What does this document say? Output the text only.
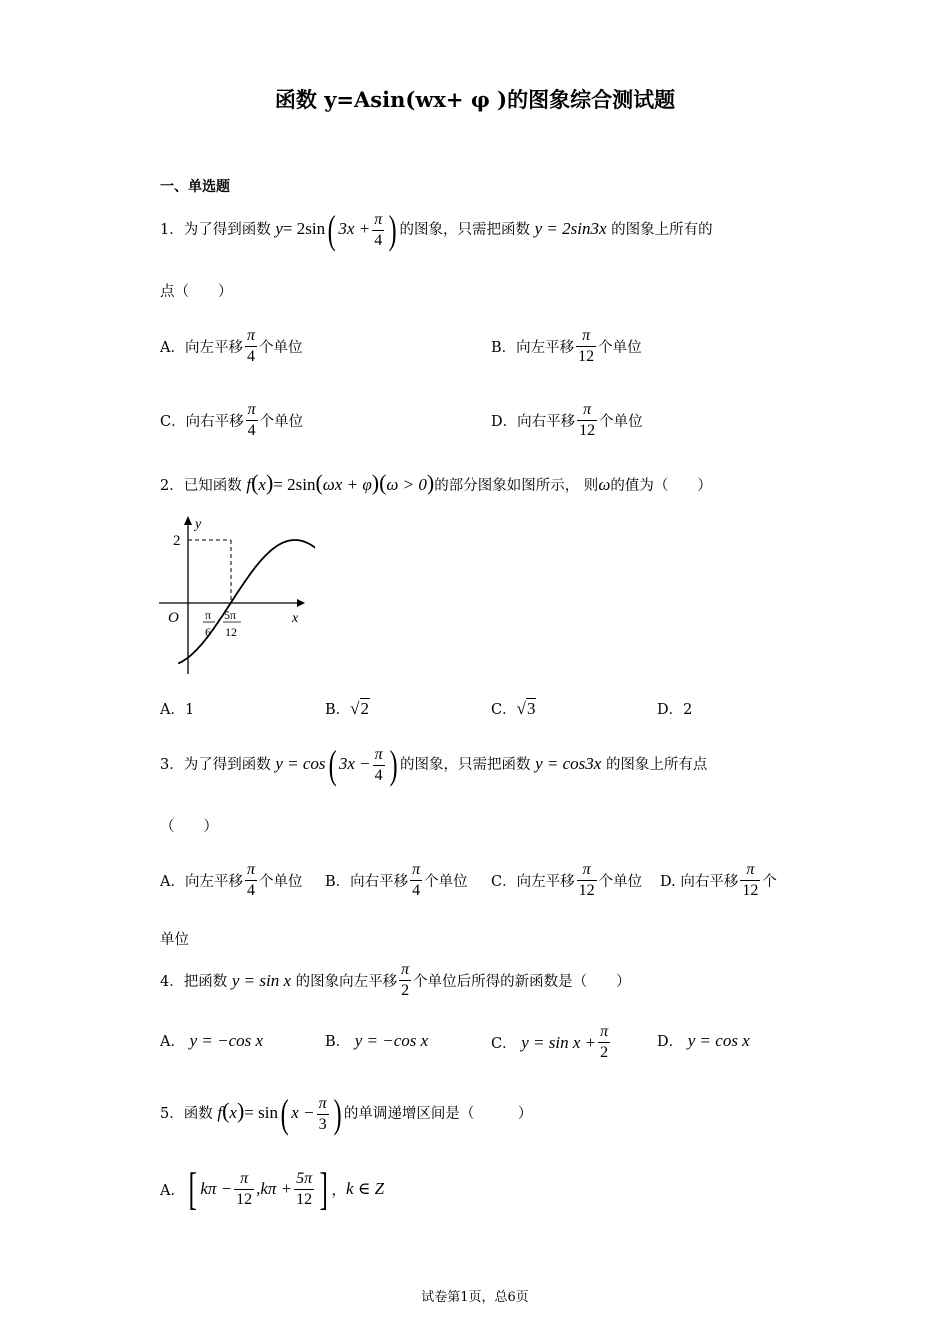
函数 y=Asin(wx+ φ )的图象综合测试题
一、单选题
1．为了得到函数 y= 2sin( $3x + \frac{\pi}{4}$ ) 的图象，只需把函数 y = 2sin3x 的图象上所有的
点（　　）
A．向左平移 $\frac{\pi}{4}$ 个单位	B．向左平移 $\frac{\pi}{12}$ 个单位
C．向右平移 $\frac{\pi}{4}$ 个单位	D．向右平移 $\frac{\pi}{12}$ 个单位
2．已知函数 f(x)= 2sin(ωx + φ)(ω > 0)的部分图象如图所示， 则ω的值为（　　）
y
x
O
2
π
6
5π
12
A．1	B．√2	C．√3	D．2
3．为了得到函数 y = cos( $3x - \frac{\pi}{4}$ ) 的图象，只需把函数 y = cos3x 的图象上所有点
（　　）
A．向左平移 $\frac{\pi}{4}$ 个单位 B．向右平移 $\frac{\pi}{4}$ 个单位 C．向左平移 $\frac{\pi}{12}$ 个单位 D. 向右平移 $\frac{\pi}{12}$ 个
单位
4．把函数 y = sin x 的图象向左平移 $\frac{\pi}{2}$ 个单位后所得的新函数是（　　）
A． y = −cos x	B． y = −cos x	C． $y = \sin x + \frac{\pi}{2}$	D． y = cos x
5．函数 f(x)= sin( $x - \frac{\pi}{3}$ ) 的单调递增区间是（　　　）
A．[ $k\pi - \frac{\pi}{12} ,k\pi + \frac{5\pi}{12}$ ] ，k ∈ Z
试卷第1页，总6页
